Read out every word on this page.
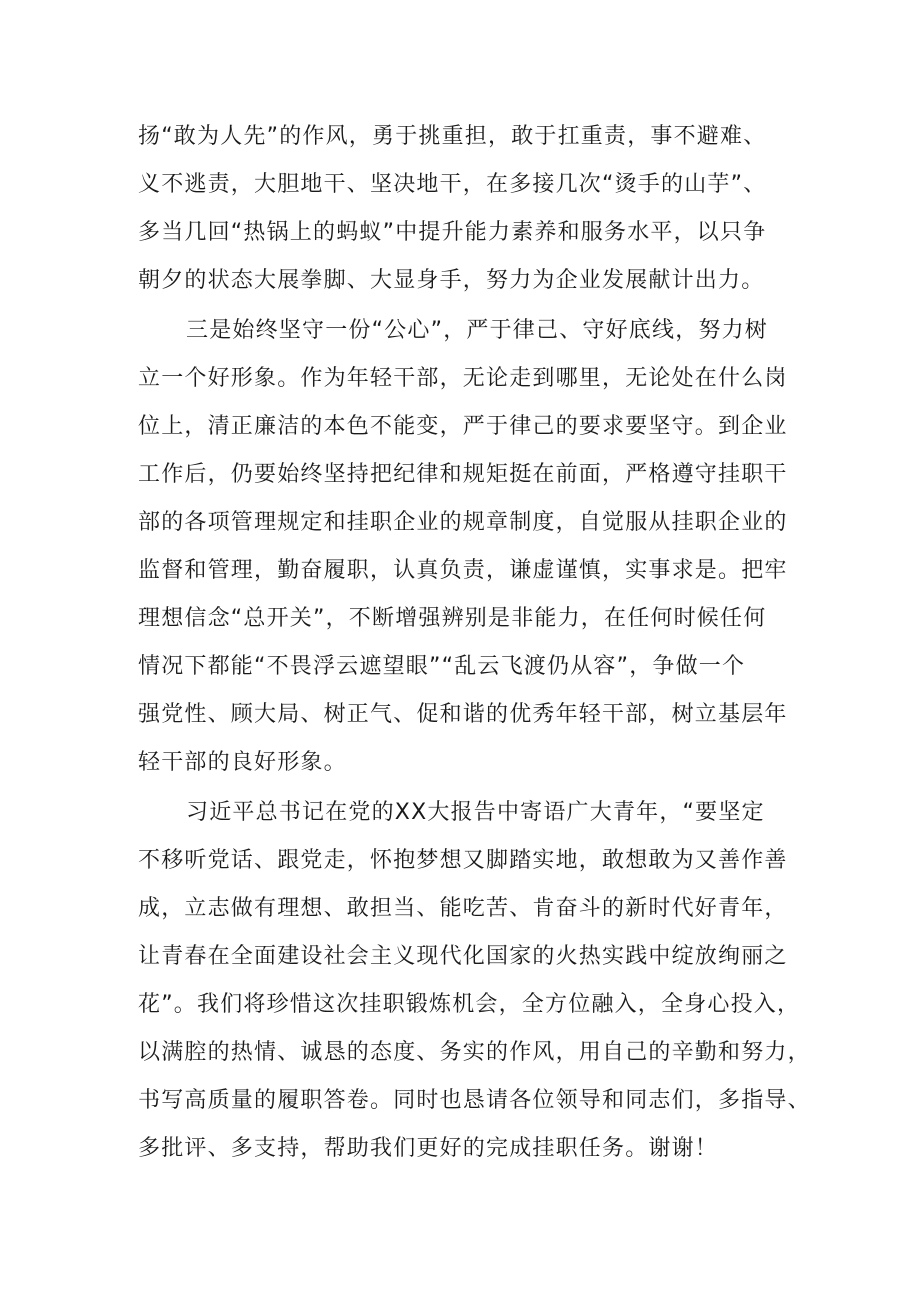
扬“敢为人先”的作风，勇于挑重担，敢于扛重责，事不避难、
义不逃责，大胆地干、坚决地干，在多接几次“烫手的山芋”、
多当几回“热锅上的蚂蚁”中提升能力素养和服务水平，以只争
朝夕的状态大展拳脚、大显身手，努力为企业发展献计出力。
三是始终坚守一份“公心”，严于律己、守好底线，努力树
立一个好形象。作为年轻干部，无论走到哪里，无论处在什么岗
位上，清正廉洁的本色不能变，严于律己的要求要坚守。到企业
工作后，仍要始终坚持把纪律和规矩挺在前面，严格遵守挂职干
部的各项管理规定和挂职企业的规章制度，自觉服从挂职企业的
监督和管理，勤奋履职，认真负责，谦虚谨慎，实事求是。把牢
理想信念“总开关”，不断增强辨别是非能力，在任何时候任何
情况下都能“不畏浮云遮望眼”“乱云飞渡仍从容”，争做一个
强党性、顾大局、树正气、促和谐的优秀年轻干部，树立基层年
轻干部的良好形象。
习近平总书记在党的XX大报告中寄语广大青年，“要坚定
不移听党话、跟党走，怀抱梦想又脚踏实地，敢想敢为又善作善
成，立志做有理想、敢担当、能吃苦、肯奋斗的新时代好青年，
让青春在全面建设社会主义现代化国家的火热实践中绽放绚丽之
花”。我们将珍惜这次挂职锻炼机会，全方位融入，全身心投入，
以满腔的热情、诚恳的态度、务实的作风，用自己的辛勤和努力，
书写高质量的履职答卷。同时也恳请各位领导和同志们，多指导、
多批评、多支持，帮助我们更好的完成挂职任务。谢谢！
